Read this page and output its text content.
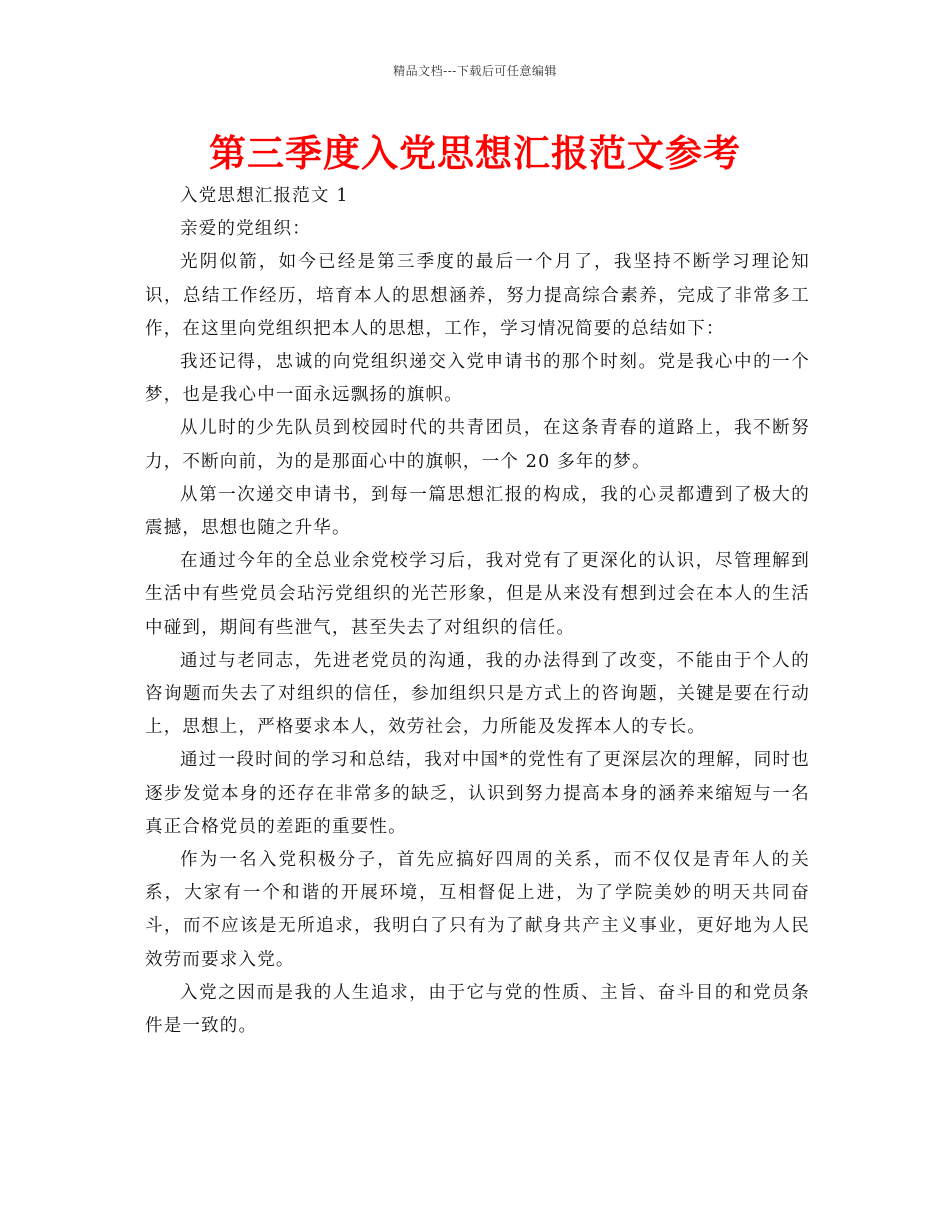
精品文档---下载后可任意编辑
第三季度入党思想汇报范文参考

入党思想汇报范文 1

亲爱的党组织：

光阴似箭，如今已经是第三季度的最后一个月了，我坚持不断学习理论知识，总结工作经历，培育本人的思想涵养，努力提高综合素养，完成了非常多工作，在这里向党组织把本人的思想，工作，学习情况简要的总结如下：

我还记得，忠诚的向党组织递交入党申请书的那个时刻。党是我心中的一个梦，也是我心中一面永远飘扬的旗帜。

从儿时的少先队员到校园时代的共青团员，在这条青春的道路上，我不断努力，不断向前，为的是那面心中的旗帜，一个 20 多年的梦。

从第一次递交申请书，到每一篇思想汇报的构成，我的心灵都遭到了极大的震撼，思想也随之升华。

在通过今年的全总业余党校学习后，我对党有了更深化的认识，尽管理解到生活中有些党员会玷污党组织的光芒形象，但是从来没有想到过会在本人的生活中碰到，期间有些泄气，甚至失去了对组织的信任。

通过与老同志，先进老党员的沟通，我的办法得到了改变，不能由于个人的咨询题而失去了对组织的信任，参加组织只是方式上的咨询题，关键是要在行动上，思想上，严格要求本人，效劳社会，力所能及发挥本人的专长。

通过一段时间的学习和总结，我对中国*的党性有了更深层次的理解，同时也逐步发觉本身的还存在非常多的缺乏，认识到努力提高本身的涵养来缩短与一名真正合格党员的差距的重要性。

作为一名入党积极分子，首先应搞好四周的关系，而不仅仅是青年人的关系，大家有一个和谐的开展环境，互相督促上进，为了学院美妙的明天共同奋斗，而不应该是无所追求，我明白了只有为了献身共产主义事业，更好地为人民效劳而要求入党。

入党之因而是我的人生追求，由于它与党的性质、主旨、奋斗目的和党员条件是一致的。
